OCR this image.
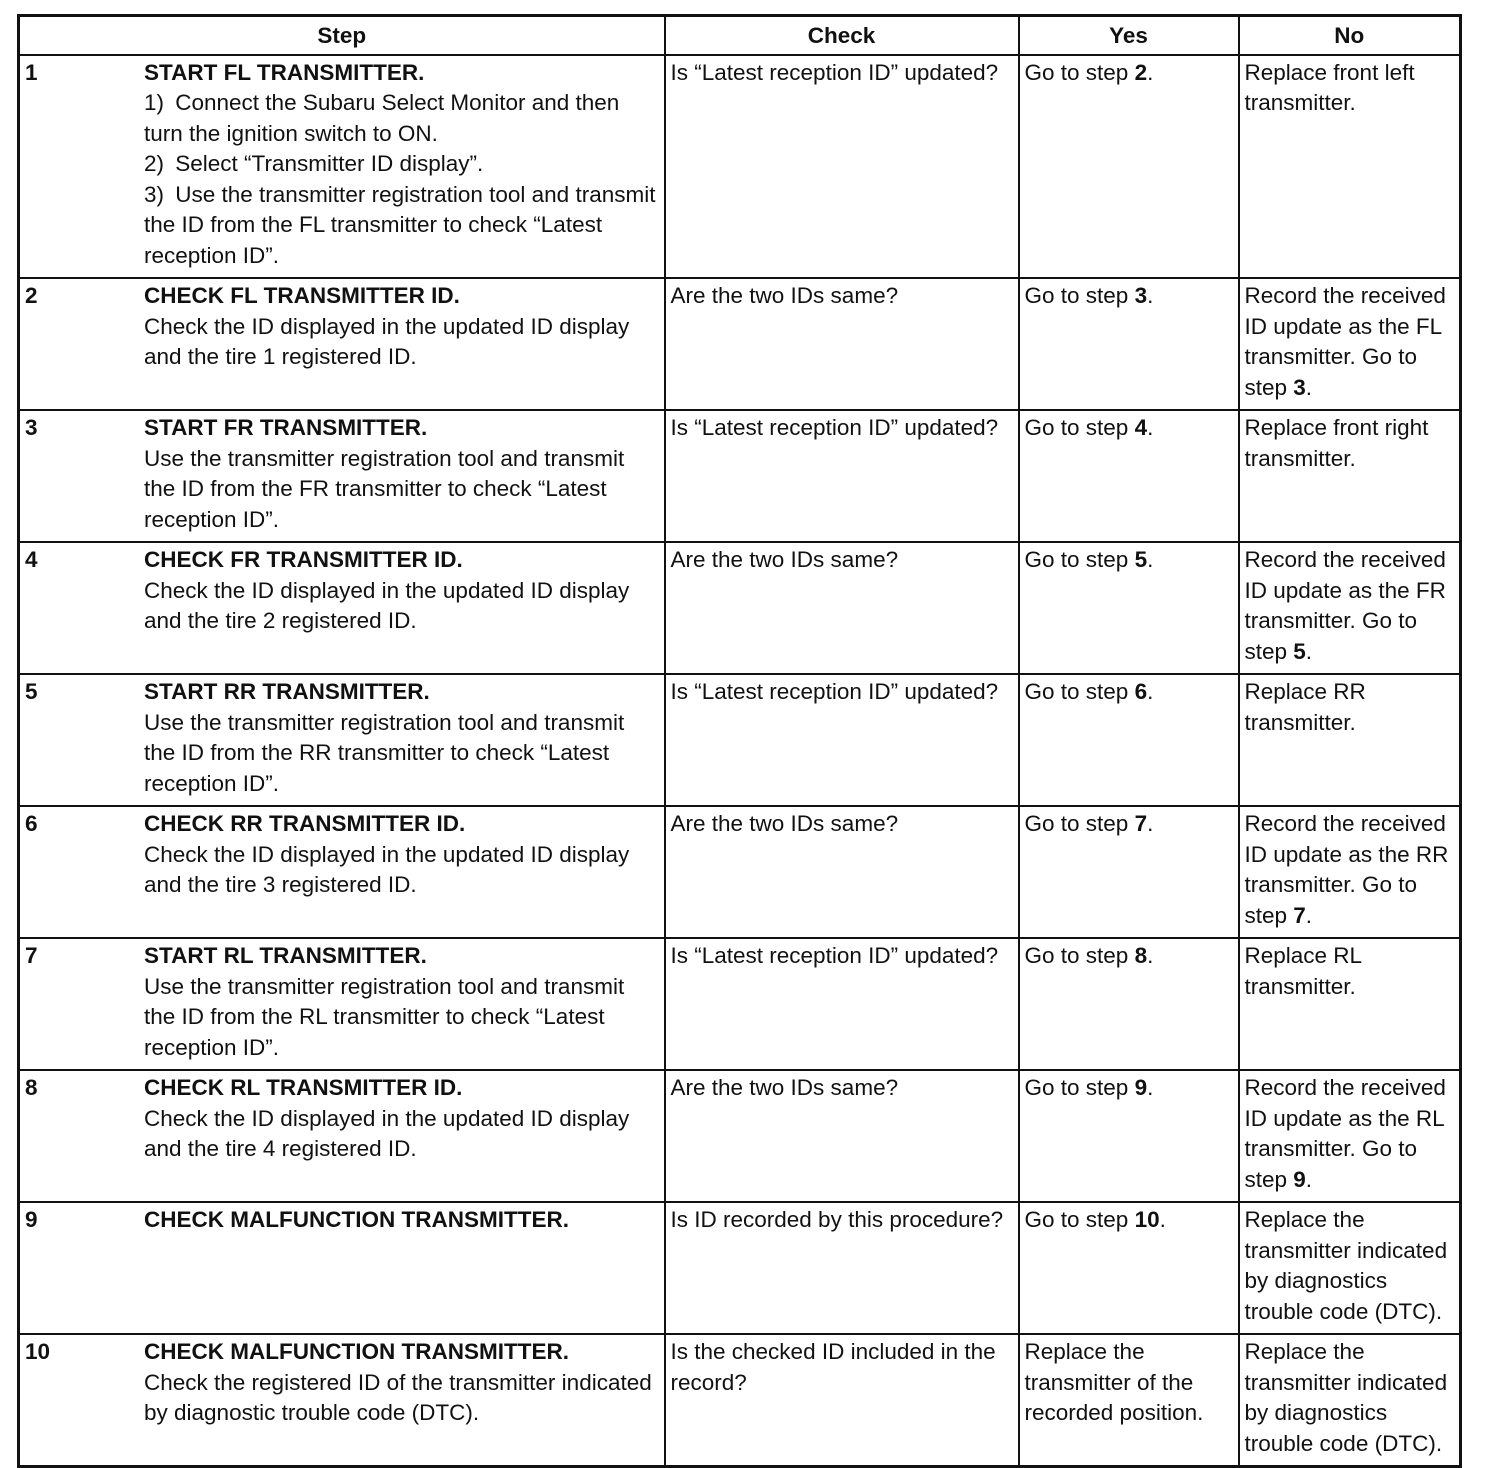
Step	Check	Yes	No

1 START FL TRANSMITTER.
1) Connect the Subaru Select Monitor and then turn the ignition switch to ON.
2) Select “Transmitter ID display”.
3) Use the transmitter registration tool and transmit the ID from the FL transmitter to check “Latest reception ID”.	Is “Latest reception ID” updated?	Go to step 2.	Replace front left transmitter.

2 CHECK FL TRANSMITTER ID.
Check the ID displayed in the updated ID display and the tire 1 registered ID.	Are the two IDs same?	Go to step 3.	Record the received ID update as the FL transmitter. Go to step 3.

3 START FR TRANSMITTER.
Use the transmitter registration tool and transmit the ID from the FR transmitter to check “Latest reception ID”.	Is “Latest reception ID” updated?	Go to step 4.	Replace front right transmitter.

4 CHECK FR TRANSMITTER ID.
Check the ID displayed in the updated ID display and the tire 2 registered ID.	Are the two IDs same?	Go to step 5.	Record the received ID update as the FR transmitter. Go to step 5.

5 START RR TRANSMITTER.
Use the transmitter registration tool and transmit the ID from the RR transmitter to check “Latest reception ID”.	Is “Latest reception ID” updated?	Go to step 6.	Replace RR transmitter.

6 CHECK RR TRANSMITTER ID.
Check the ID displayed in the updated ID display and the tire 3 registered ID.	Are the two IDs same?	Go to step 7.	Record the received ID update as the RR transmitter. Go to step 7.

7 START RL TRANSMITTER.
Use the transmitter registration tool and transmit the ID from the RL transmitter to check “Latest reception ID”.	Is “Latest reception ID” updated?	Go to step 8.	Replace RL transmitter.

8 CHECK RL TRANSMITTER ID.
Check the ID displayed in the updated ID display and the tire 4 registered ID.	Are the two IDs same?	Go to step 9.	Record the received ID update as the RL transmitter. Go to step 9.

9 CHECK MALFUNCTION TRANSMITTER.	Is ID recorded by this procedure?	Go to step 10.	Replace the transmitter indicated by diagnostics trouble code (DTC).

10 CHECK MALFUNCTION TRANSMITTER.
Check the registered ID of the transmitter indicated by diagnostic trouble code (DTC).	Is the checked ID included in the record?	Replace the transmitter of the recorded position.	Replace the transmitter indicated by diagnostics trouble code (DTC).
